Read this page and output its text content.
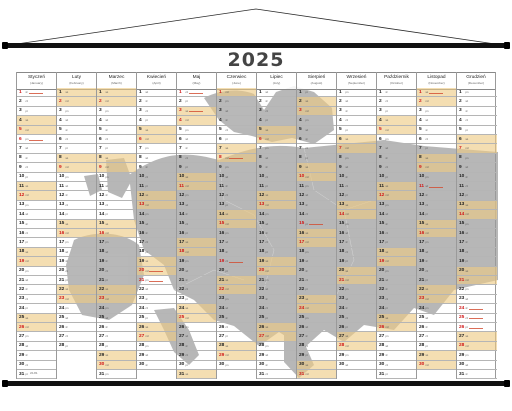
2025
Styczeń
(January)
1 śr
2 cz
3 pt
4 so
5 nd
6 pn
7 wt
8 śr
9 cz
10 pt
11 so
12 nd
13 pn
14 wt
15 śr
16 cz
17 pt
18 so
19 nd
20 pn
21 wt
22 śr
23 cz
24 pt
25 so
26 nd
27 pn
28 wt
29 śr
30 cz
31 pt
Luty
(February)
1 so
2 nd
3 pn
4 wt
5 śr
6 cz
7 pt
8 so
9 nd
10 pn
11 wt
12 śr
13 cz
14 pt
15 so
16 nd
17 pn
18 wt
19 śr
20 cz
21 pt
22 so
23 nd
24 pn
25 wt
26 śr
27 cz
28 pt
Marzec
(March)
1 so
2 nd
3 pn
4 wt
5 śr
6 cz
7 pt
8 so
9 nd
10 pn
11 wt
12 śr
13 cz
14 pt
15 so
16 nd
17 pn
18 wt
19 śr
20 cz
21 pt
22 so
23 nd
24 pn
25 wt
26 śr
27 cz
28 pt
29 so
30 nd
31 pn
Kwiecień
(April)
1 wt
2 śr
3 cz
4 pt
5 so
6 nd
7 pn
8 wt
9 śr
10 cz
11 pt
12 so
13 nd
14 pn
15 wt
16 śr
17 cz
18 pt
19 so
20 nd
21 pn
22 wt
23 śr
24 cz
25 pt
26 so
27 nd
28 pn
29 wt
30 śr
Maj
(May)
1 cz
2 pt
3 so
4 nd
5 pn
6 wt
7 śr
8 cz
9 pt
10 so
11 nd
12 pn
13 wt
14 śr
15 cz
16 pt
17 so
18 nd
19 pn
20 wt
21 śr
22 cz
23 pt
24 so
25 nd
26 pn
27 wt
28 śr
29 cz
30 pt
31 so
Czerwiec
(June)
1 nd
2 pn
3 wt
4 śr
5 cz
6 pt
7 so
8 nd
9 pn
10 wt
11 śr
12 cz
13 pt
14 so
15 nd
16 pn
17 wt
18 śr
19 cz
20 pt
21 so
22 nd
23 pn
24 wt
25 śr
26 cz
27 pt
28 so
29 nd
30 pn
Lipiec
(July)
1 wt
2 śr
3 cz
4 pt
5 so
6 nd
7 pn
8 wt
9 śr
10 cz
11 pt
12 so
13 nd
14 pn
15 wt
16 śr
17 cz
18 pt
19 so
20 nd
21 pn
22 wt
23 śr
24 cz
25 pt
26 so
27 nd
28 pn
29 wt
30 śr
31 cz
Sierpień
(August)
1 pt
2 so
3 nd
4 pn
5 wt
6 śr
7 cz
8 pt
9 so
10 nd
11 pn
12 wt
13 śr
14 cz
15 pt
16 so
17 nd
18 pn
19 wt
20 śr
21 cz
22 pt
23 so
24 nd
25 pn
26 wt
27 śr
28 cz
29 pt
30 so
31 nd
Wrzesień
(September)
1 pn
2 wt
3 śr
4 cz
5 pt
6 so
7 nd
8 pn
9 wt
10 śr
11 cz
12 pt
13 so
14 nd
15 pn
16 wt
17 śr
18 cz
19 pt
20 so
21 nd
22 pn
23 wt
24 śr
25 cz
26 pt
27 so
28 nd
29 pn
30 wt
Październik
(October)
1 śr
2 cz
3 pt
4 so
5 nd
6 pn
7 wt
8 śr
9 cz
10 pt
11 so
12 nd
13 pn
14 wt
15 śr
16 cz
17 pt
18 so
19 nd
20 pn
21 wt
22 śr
23 cz
24 pt
25 so
26 nd
27 pn
28 wt
29 śr
30 cz
31 pt
Listopad
(November)
1 so
2 nd
3 pn
4 wt
5 śr
6 cz
7 pt
8 so
9 nd
10 pn
11 wt
12 śr
13 cz
14 pt
15 so
16 nd
17 pn
18 wt
19 śr
20 cz
21 pt
22 so
23 nd
24 pn
25 wt
26 śr
27 cz
28 pt
29 so
30 nd
Grudzień
(December)
1 pn
2 wt
3 śr
4 cz
5 pt
6 so
7 nd
8 pn
9 wt
10 śr
11 cz
12 pt
13 so
14 nd
15 pn
16 wt
17 śr
18 cz
19 pt
20 so
21 nd
22 pn
23 wt
24 śr
25 cz
26 pt
27 so
28 nd
29 pn
30 wt
31 śr
z0-81
